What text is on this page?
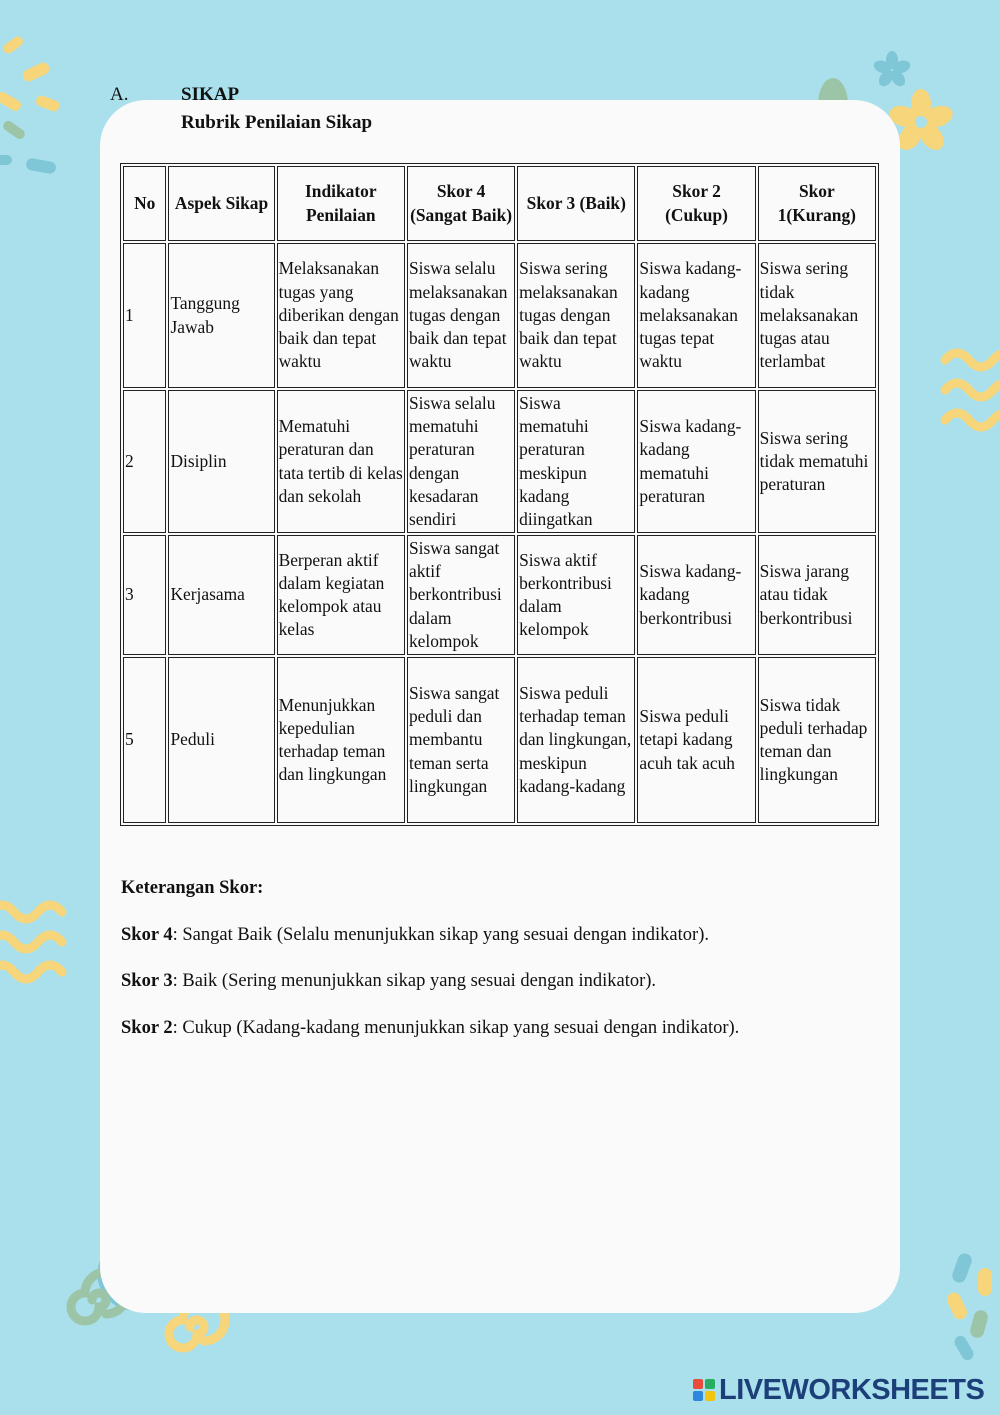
A.	SIKAP
Rubrik Penilaian Sikap
No	Aspek Sikap	Indikator Penilaian	Skor 4 (Sangat Baik)	Skor 3 (Baik)	Skor 2 (Cukup)	Skor 1(Kurang)
1	Tanggung Jawab	Melaksanakan tugas yang diberikan dengan baik dan tepat waktu	Siswa selalu melaksanakan tugas dengan baik dan tepat waktu	Siswa sering melaksanakan tugas dengan baik dan tepat waktu	Siswa kadang-kadang melaksanakan tugas tepat waktu	Siswa sering tidak melaksanakan tugas atau terlambat
2	Disiplin	Mematuhi peraturan dan tata tertib di kelas dan sekolah	Siswa selalu mematuhi peraturan dengan kesadaran sendiri	Siswa mematuhi peraturan meskipun kadang diingatkan	Siswa kadang-kadang mematuhi peraturan	Siswa sering tidak mematuhi peraturan
3	Kerjasama	Berperan aktif dalam kegiatan kelompok atau kelas	Siswa sangat aktif berkontribusi dalam kelompok	Siswa aktif berkontribusi dalam kelompok	Siswa kadang-kadang berkontribusi	Siswa jarang atau tidak berkontribusi
5	Peduli	Menunjukkan kepedulian terhadap teman dan lingkungan	Siswa sangat peduli dan membantu teman serta lingkungan	Siswa peduli terhadap teman dan lingkungan, meskipun kadang-kadang	Siswa peduli tetapi kadang acuh tak acuh	Siswa tidak peduli terhadap teman dan lingkungan
Keterangan Skor:
Skor 4: Sangat Baik (Selalu menunjukkan sikap yang sesuai dengan indikator).
Skor 3: Baik (Sering menunjukkan sikap yang sesuai dengan indikator).
Skor 2: Cukup (Kadang-kadang menunjukkan sikap yang sesuai dengan indikator).
LIVEWORKSHEETS
